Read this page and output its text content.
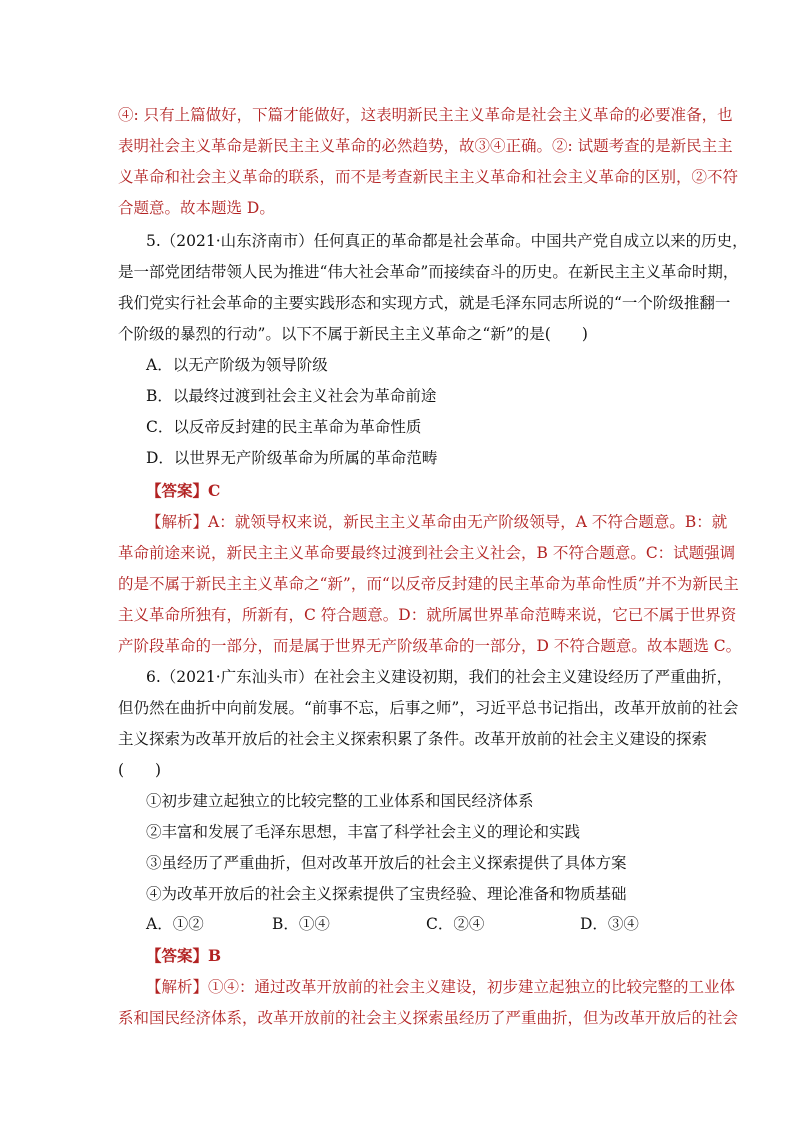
④: 只有上篇做好，下篇才能做好，这表明新民主主义革命是社会主义革命的必要准备，也
表明社会主义革命是新民主主义革命的必然趋势，故③④正确。②: 试题考查的是新民主主
义革命和社会主义革命的联系，而不是考查新民主主义革命和社会主义革命的区别，②不符
合题意。故本题选 D。
5.（2021·山东济南市）任何真正的革命都是社会革命。中国共产党自成立以来的历史，
是一部党团结带领人民为推进“伟大社会革命”而接续奋斗的历史。在新民主主义革命时期，
我们党实行社会革命的主要实践形态和实现方式，就是毛泽东同志所说的“一个阶级推翻一
个阶级的暴烈的行动”。以下不属于新民主主义革命之“新”的是(　　)
A．以无产阶级为领导阶级
B．以最终过渡到社会主义社会为革命前途
C．以反帝反封建的民主革命为革命性质
D．以世界无产阶级革命为所属的革命范畴
【答案】C
【解析】A：就领导权来说，新民主主义革命由无产阶级领导，A 不符合题意。B：就
革命前途来说，新民主主义革命要最终过渡到社会主义社会，B 不符合题意。C：试题强调
的是不属于新民主主义革命之“新”，而“以反帝反封建的民主革命为革命性质”并不为新民主
主义革命所独有，所新有，C 符合题意。D：就所属世界革命范畴来说，它已不属于世界资
产阶段革命的一部分，而是属于世界无产阶级革命的一部分，D 不符合题意。故本题选 C。
6.（2021·广东汕头市）在社会主义建设初期，我们的社会主义建设经历了严重曲折，
但仍然在曲折中向前发展。“前事不忘，后事之师”，习近平总书记指出，改革开放前的社会
主义探索为改革开放后的社会主义探索积累了条件。改革开放前的社会主义建设的探索
(　　)
①初步建立起独立的比较完整的工业体系和国民经济体系
②丰富和发展了毛泽东思想，丰富了科学社会主义的理论和实践
③虽经历了严重曲折，但对改革开放后的社会主义探索提供了具体方案
④为改革开放后的社会主义探索提供了宝贵经验、理论准备和物质基础
【答案】B
【解析】①④：通过改革开放前的社会主义建设，初步建立起独立的比较完整的工业体
系和国民经济体系，改革开放前的社会主义探索虽经历了严重曲折，但为改革开放后的社会
A．①②	B．①④	C．②④	D．③④
